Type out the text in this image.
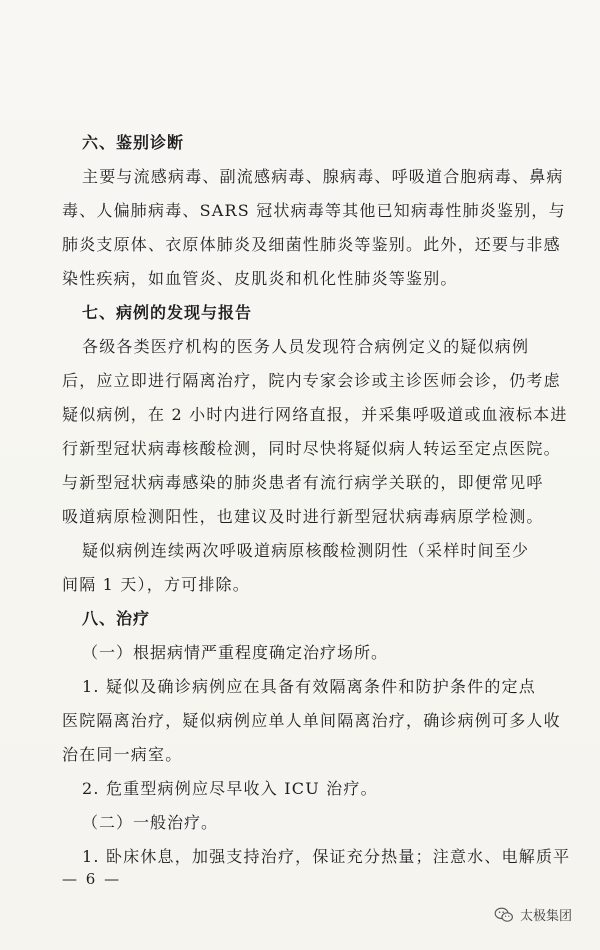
六、鉴别诊断
主要与流感病毒、副流感病毒、腺病毒、呼吸道合胞病毒、鼻病
毒、人偏肺病毒、SARS 冠状病毒等其他已知病毒性肺炎鉴别，与
肺炎支原体、衣原体肺炎及细菌性肺炎等鉴别。此外，还要与非感
染性疾病，如血管炎、皮肌炎和机化性肺炎等鉴别。
七、病例的发现与报告
各级各类医疗机构的医务人员发现符合病例定义的疑似病例
后，应立即进行隔离治疗，院内专家会诊或主诊医师会诊，仍考虑
疑似病例，在 2 小时内进行网络直报，并采集呼吸道或血液标本进
行新型冠状病毒核酸检测，同时尽快将疑似病人转运至定点医院。
与新型冠状病毒感染的肺炎患者有流行病学关联的，即便常见呼
吸道病原检测阳性，也建议及时进行新型冠状病毒病原学检测。
疑似病例连续两次呼吸道病原核酸检测阴性（采样时间至少
间隔 1 天），方可排除。
八、治疗
（一）根据病情严重程度确定治疗场所。
1. 疑似及确诊病例应在具备有效隔离条件和防护条件的定点
医院隔离治疗，疑似病例应单人单间隔离治疗，确诊病例可多人收
治在同一病室。
2. 危重型病例应尽早收入 ICU 治疗。
（二）一般治疗。
1. 卧床休息，加强支持治疗，保证充分热量；注意水、电解质平
— 6 —
太极集团
